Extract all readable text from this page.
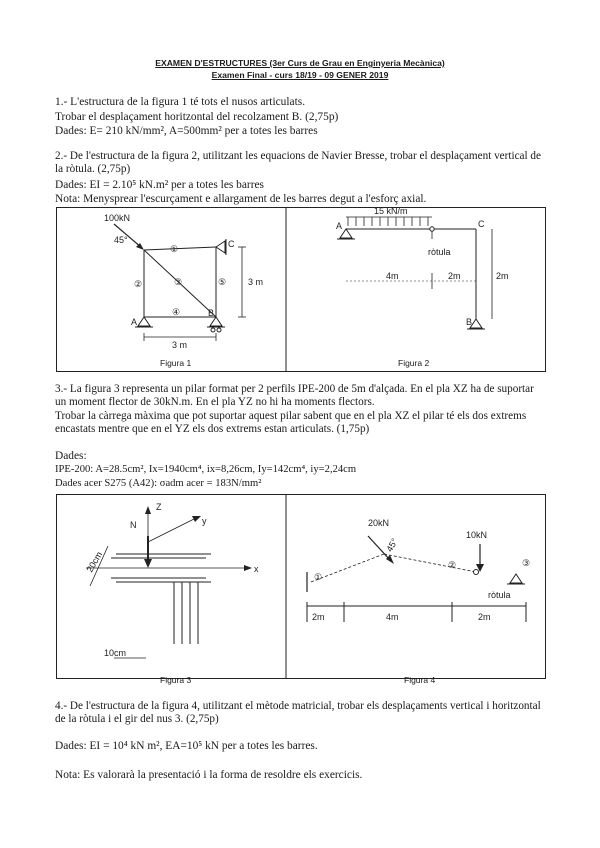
EXAMEN D'ESTRUCTURES (3er Curs de Grau en Enginyeria Mecànica)
Examen Final - curs 18/19 - 09 GENER 2019
1.- L'estructura de la figura 1 té tots el nusos articulats.
Trobar el desplaçament horitzontal del recolzament B. (2,75p)
Dades: E= 210 kN/mm², A=500mm² per a totes les barres
2.- De l'estructura de la figura 2, utilitzant les equacions de Navier Bresse, trobar el desplaçament vertical de la ròtula. (2,75p)
Dades: EI = 2.10⁵ kN.m² per a totes les barres
Nota: Menysprear l'escurçament e allargament de les barres degut a l'esforç axial.
100kN
45°
A
B
C
①
②	③
④
⑤
3 m
3 m
15 kN/m
A	C
B
ròtula
4m	2m	2m
Figura 1	Figura 2
3.- La figura 3 representa un pilar format per 2 perfils IPE-200 de 5m d'alçada. En el pla XZ ha de suportar un moment flector de 30kN.m. En el pla YZ no hi ha moments flectors.
Trobar la càrrega màxima que pot suportar aquest pilar sabent que en el pla XZ el pilar té els dos extrems encastats mentre que en el YZ els dos extrems estan articulats. (1,75p)
Dades:
IPE-200: A=28.5cm², Ix=1940cm⁴, ix=8,26cm, Iy=142cm⁴, iy=2,24cm
Dades acer S275 (A42): σadm acer = 183N/mm²
Z
y
x
N
20cm
10cm
20kN
10kN
45°
ròtula
①
②	③
2m	4m	2m
Figura 3	Figura 4
4.- De l'estructura de la figura 4, utilitzant el mètode matricial, trobar els desplaçaments vertical i horitzontal de la ròtula i el gir del nus 3. (2,75p)
Dades: EI = 10⁴ kN m², EA=10⁵ kN per a totes les barres.
Nota: Es valorarà la presentació i la forma de resoldre els exercicis.
